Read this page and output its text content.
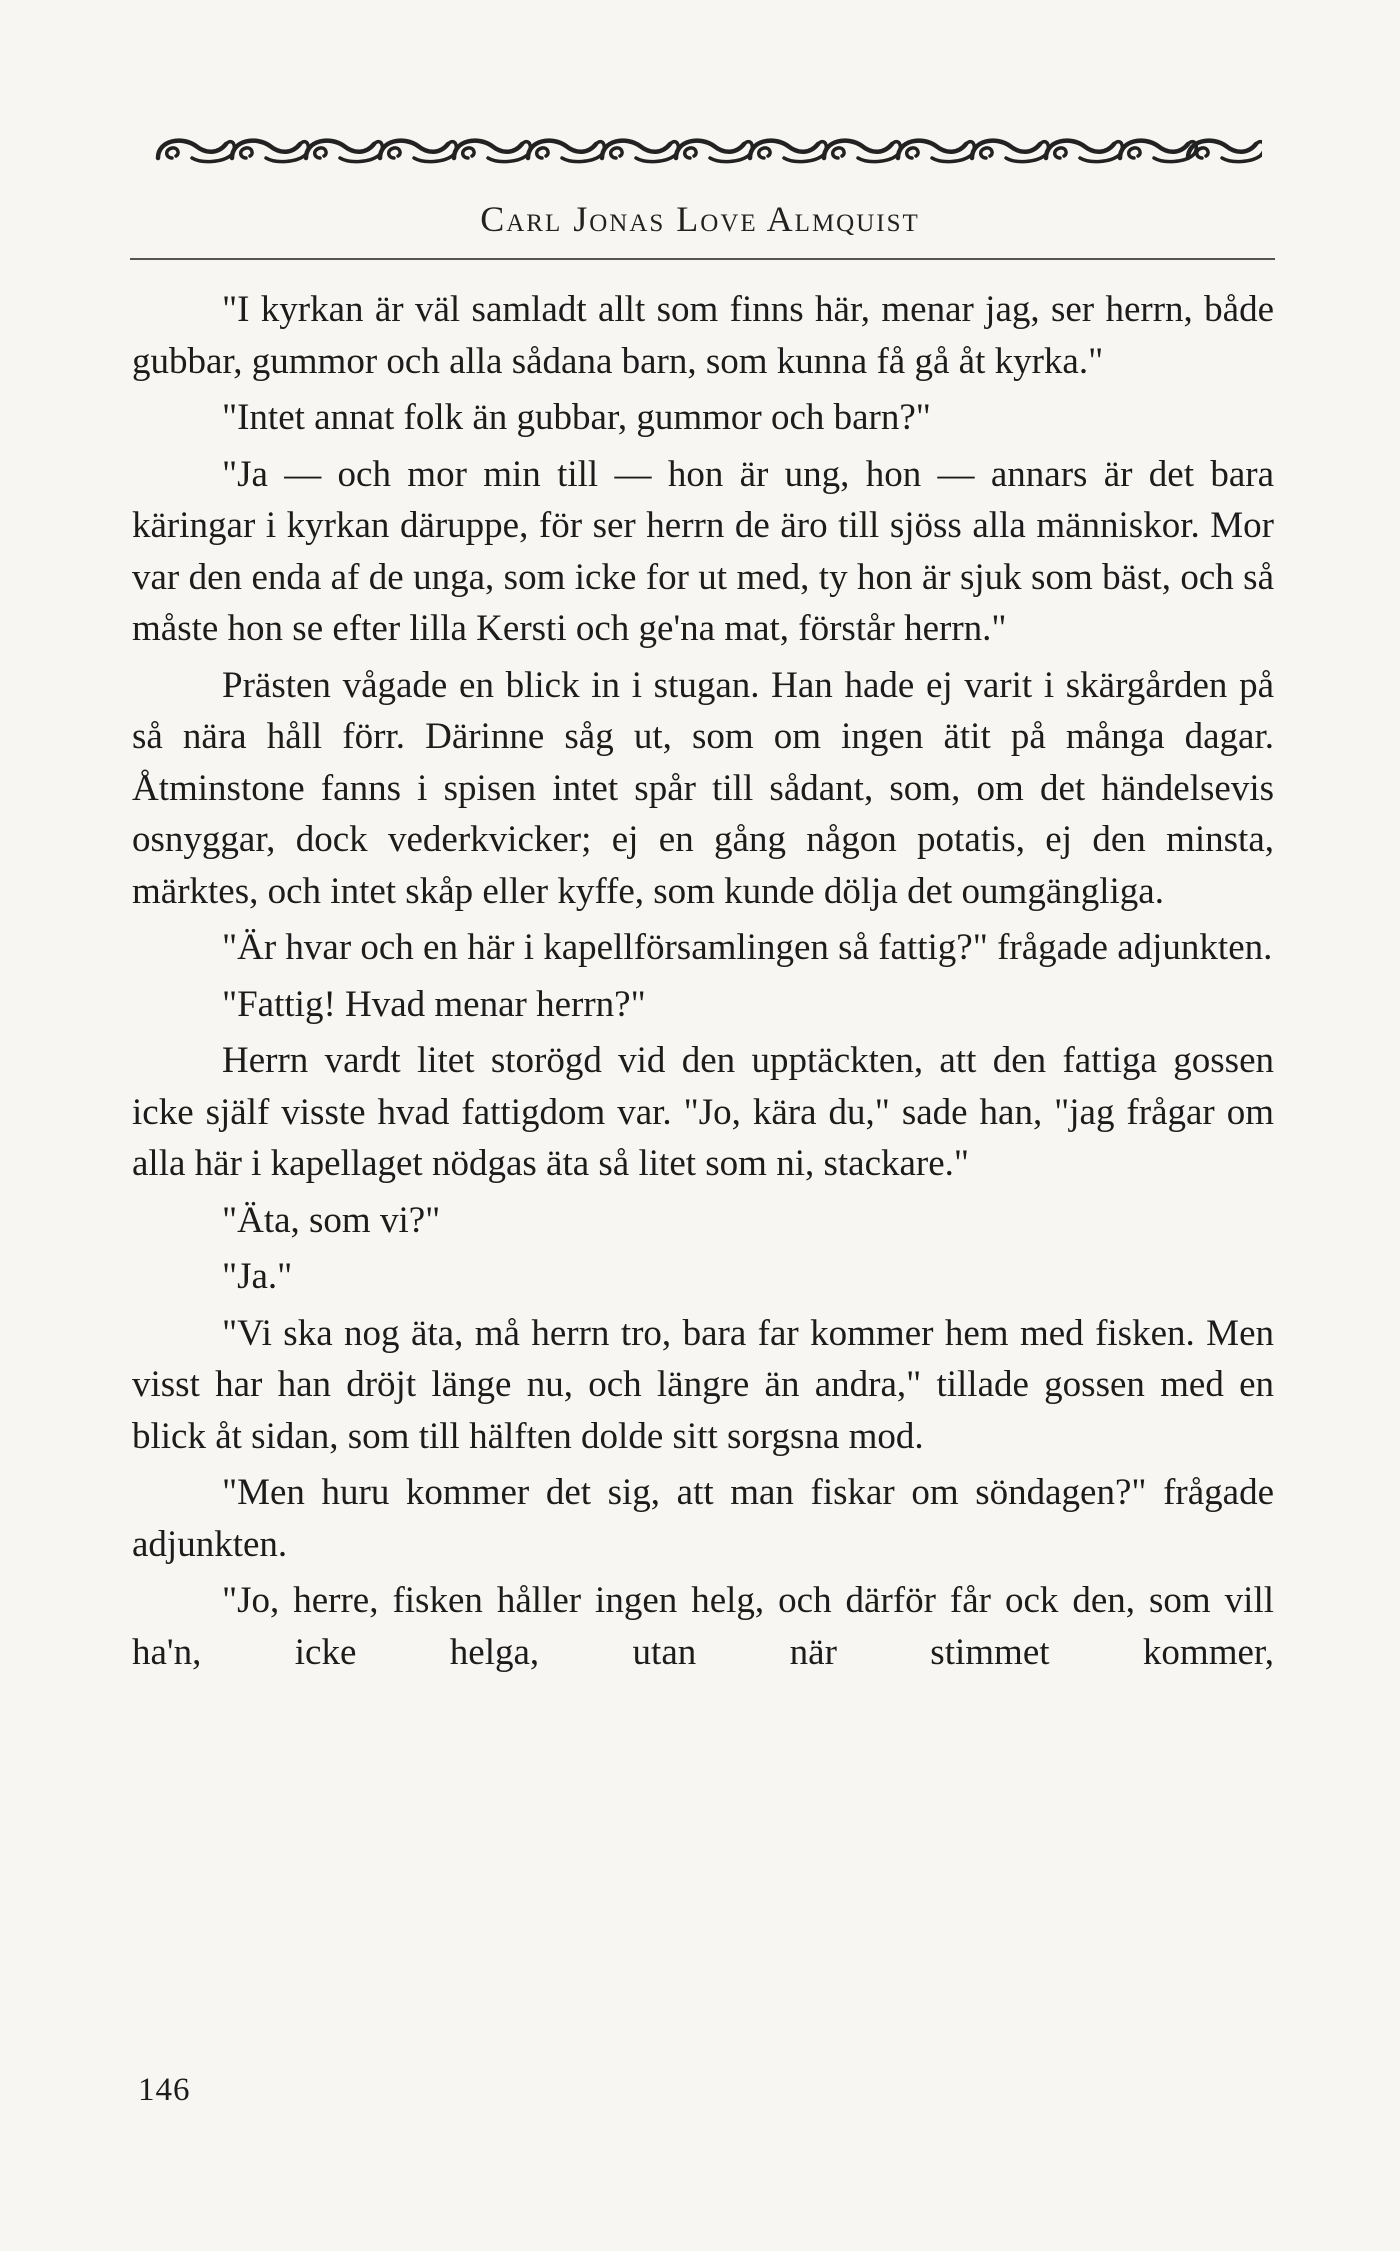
Carl Jonas Love Almquist

"I kyrkan är väl samladt allt som finns här, menar jag, ser herrn, både gubbar, gummor och alla sådana barn, som kunna få gå åt kyrka."

"Intet annat folk än gubbar, gummor och barn?"

"Ja — och mor min till — hon är ung, hon — annars är det bara käringar i kyrkan däruppe, för ser herrn de äro till sjöss alla människor. Mor var den enda af de unga, som icke for ut med, ty hon är sjuk som bäst, och så måste hon se efter lilla Kersti och ge'na mat, förstår herrn."

Prästen vågade en blick in i stugan. Han hade ej varit i skärgården på så nära håll förr. Därinne såg ut, som om ingen ätit på många dagar. Åtminstone fanns i spisen intet spår till sådant, som, om det händelsevis osnyggar, dock vederkvicker; ej en gång någon potatis, ej den minsta, märktes, och intet skåp eller kyffe, som kunde dölja det oumgängliga.

"Är hvar och en här i kapellförsamlingen så fattig?" frågade adjunkten.

"Fattig! Hvad menar herrn?"

Herrn vardt litet storögd vid den upptäckten, att den fattiga gossen icke själf visste hvad fattigdom var. "Jo, kära du," sade han, "jag frågar om alla här i kapellaget nödgas äta så litet som ni, stackare."

"Äta, som vi?"

"Ja."

"Vi ska nog äta, må herrn tro, bara far kommer hem med fisken. Men visst har han dröjt länge nu, och längre än andra," tillade gossen med en blick åt sidan, som till hälften dolde sitt sorgsna mod.

"Men huru kommer det sig, att man fiskar om söndagen?" frågade adjunkten.

"Jo, herre, fisken håller ingen helg, och därför får ock den, som vill ha'n, icke helga, utan när stimmet kommer,

146
